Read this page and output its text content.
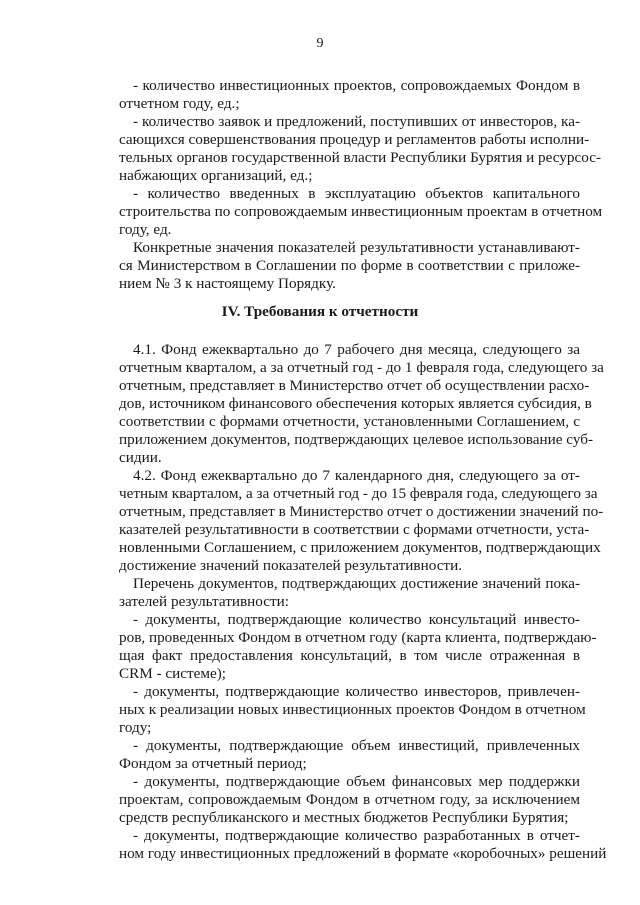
9
- количество инвестиционных проектов, сопровождаемых Фондом в
отчетном году, ед.;
- количество заявок и предложений, поступивших от инвесторов, ка-
сающихся совершенствования процедур и регламентов работы исполни-
тельных органов государственной власти Республики Бурятия и ресурсос-
набжающих организаций, ед.;
- количество введенных в эксплуатацию объектов капитального
строительства по сопровождаемым инвестиционным проектам в отчетном
году, ед.
Конкретные значения показателей результативности устанавливают-
ся Министерством в Соглашении по форме в соответствии с приложе-
нием № 3 к настоящему Порядку.
IV. Требования к отчетности
4.1. Фонд ежеквартально до 7 рабочего дня месяца, следующего за
отчетным кварталом, а за отчетный год - до 1 февраля года, следующего за
отчетным, представляет в Министерство отчет об осуществлении расхо-
дов, источником финансового обеспечения которых является субсидия, в
соответствии с формами отчетности, установленными Соглашением, с
приложением документов, подтверждающих целевое использование суб-
сидии.
4.2. Фонд ежеквартально до 7 календарного дня, следующего за от-
четным кварталом, а за отчетный год - до 15 февраля года, следующего за
отчетным, представляет в Министерство отчет о достижении значений по-
казателей результативности в соответствии с формами отчетности, уста-
новленными Соглашением, с приложением документов, подтверждающих
достижение значений показателей результативности.
Перечень документов, подтверждающих достижение значений пока-
зателей результативности:
- документы, подтверждающие количество консультаций инвесто-
ров, проведенных Фондом в отчетном году (карта клиента, подтверждаю-
щая факт предоставления консультаций, в том числе отраженная в
CRM - системе);
- документы, подтверждающие количество инвесторов, привлечен-
ных к реализации новых инвестиционных проектов Фондом в отчетном
году;
- документы, подтверждающие объем инвестиций, привлеченных
Фондом за отчетный период;
- документы, подтверждающие объем финансовых мер поддержки
проектам, сопровождаемым Фондом в отчетном году, за исключением
средств республиканского и местных бюджетов Республики Бурятия;
- документы, подтверждающие количество разработанных в отчет-
ном году инвестиционных предложений в формате «коробочных» решений
